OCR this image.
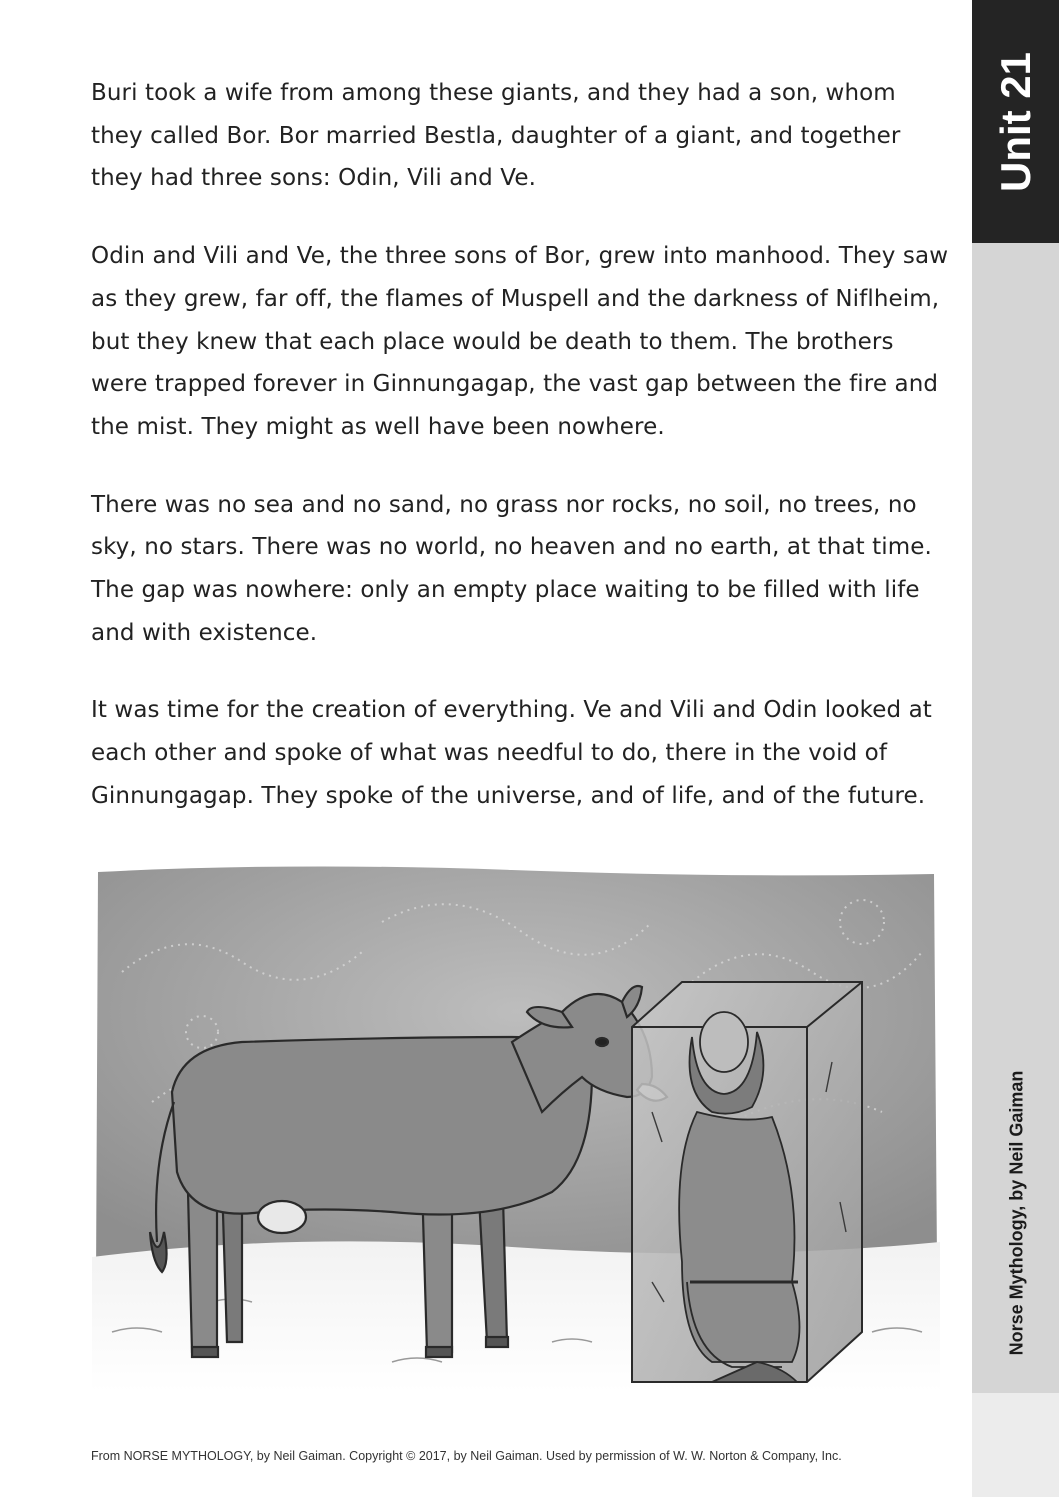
Unit 21
Norse Mythology, by Neil Gaiman

Buri took a wife from among these giants, and they had a son, whom they called Bor. Bor married Bestla, daughter of a giant, and together they had three sons: Odin, Vili and Ve.

Odin and Vili and Ve, the three sons of Bor, grew into manhood. They saw as they grew, far off, the flames of Muspell and the darkness of Niflheim, but they knew that each place would be death to them. The brothers were trapped forever in Ginnungagap, the vast gap between the fire and the mist. They might as well have been nowhere.

There was no sea and no sand, no grass nor rocks, no soil, no trees, no sky, no stars. There was no world, no heaven and no earth, at that time. The gap was nowhere: only an empty place waiting to be filled with life and with existence.

It was time for the creation of everything. Ve and Vili and Odin looked at each other and spoke of what was needful to do, there in the void of Ginnungagap. They spoke of the universe, and of life, and of the future.

From NORSE MYTHOLOGY, by Neil Gaiman. Copyright © 2017, by Neil Gaiman. Used by permission of W. W. Norton & Company, Inc.
